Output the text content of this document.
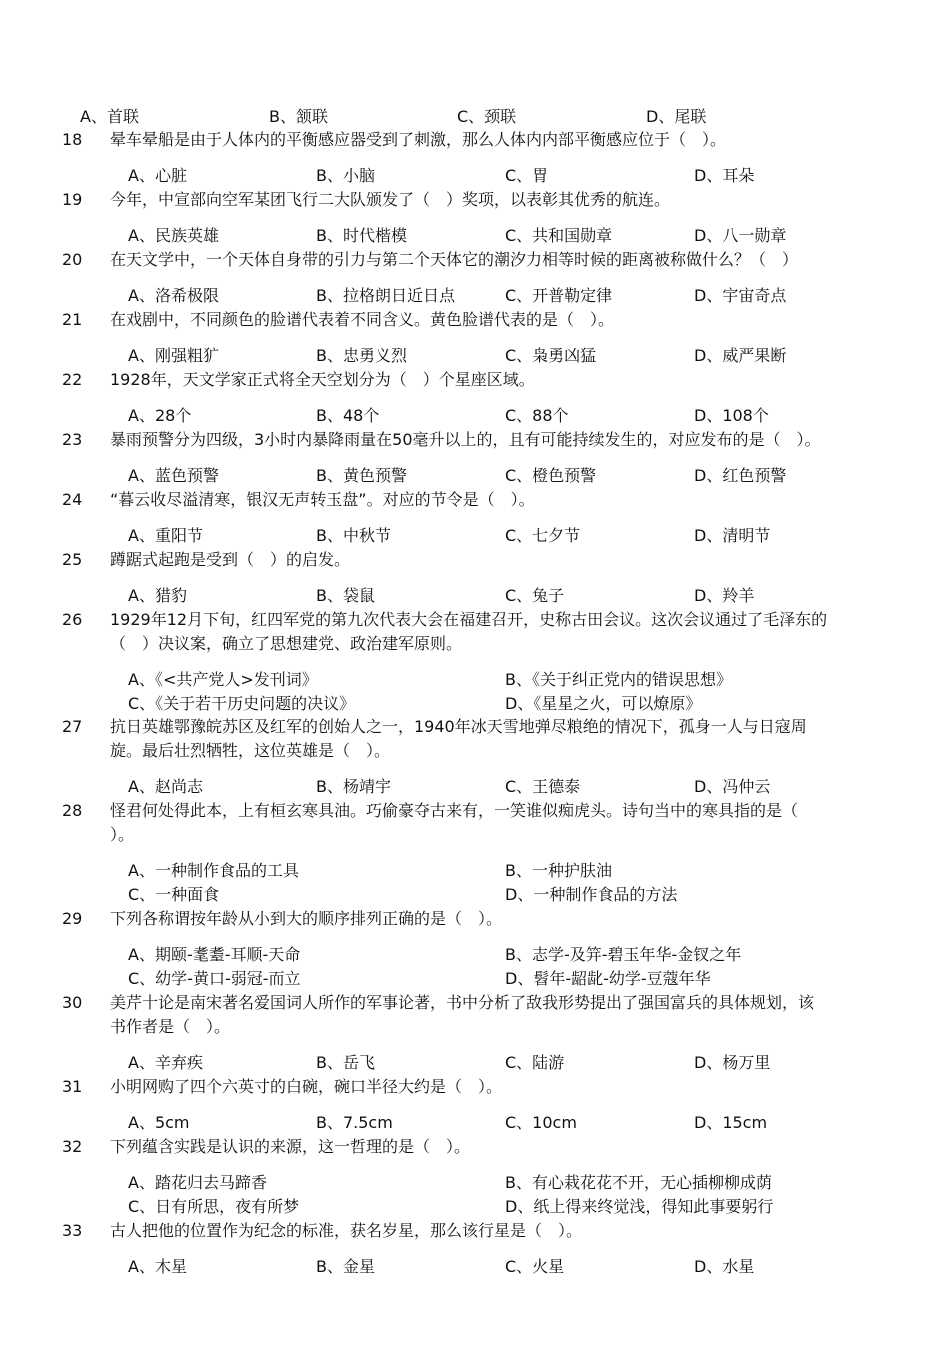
A、首联	B、颔联	C、颈联	D、尾联
18	晕车晕船是由于人体内的平衡感应器受到了刺激，那么人体内内部平衡感应位于（　）。
A、心脏	B、小脑	C、胃	D、耳朵
19	今年，中宣部向空军某团飞行二大队颁发了（　）奖项，以表彰其优秀的航连。
A、民族英雄	B、时代楷模	C、共和国勋章	D、八一勋章
20	在天文学中，一个天体自身带的引力与第二个天体它的潮汐力相等时候的距离被称做什么？（　）
A、洛希极限	B、拉格朗日近日点	C、开普勒定律	D、宇宙奇点
21	在戏剧中，不同颜色的脸谱代表着不同含义。黄色脸谱代表的是（　）。
A、刚强粗犷	B、忠勇义烈	C、枭勇凶猛	D、威严果断
22	1928年，天文学家正式将全天空划分为（　）个星座区域。
A、28个	B、48个	C、88个	D、108个
23	暴雨预警分为四级，3小时内暴降雨量在50毫升以上的，且有可能持续发生的，对应发布的是（　）。
A、蓝色预警	B、黄色预警	C、橙色预警	D、红色预警
24	“暮云收尽溢清寒，银汉无声转玉盘”。对应的节令是（　）。
A、重阳节	B、中秋节	C、七夕节	D、清明节
25	蹲踞式起跑是受到（　）的启发。
A、猎豹	B、袋鼠	C、兔子	D、羚羊
26	1929年12月下旬，红四军党的第九次代表大会在福建召开，史称古田会议。这次会议通过了毛泽东的
（　）决议案，确立了思想建党、政治建军原则。
A、《<共产党人>发刊词》	B、《关于纠正党内的错误思想》
C、《关于若干历史问题的决议》	D、《星星之火，可以燎原》
27	抗日英雄鄂豫皖苏区及红军的创始人之一，1940年冰天雪地弹尽粮绝的情况下，孤身一人与日寇周
旋。最后壮烈牺牲，这位英雄是（　）。
A、赵尚志	B、杨靖宇	C、王德泰	D、冯仲云
28	怪君何处得此本，上有桓玄寒具油。巧偷豪夺古来有，一笑谁似痴虎头。诗句当中的寒具指的是（
）。
A、一种制作食品的工具	B、一种护肤油
C、一种面食	D、一种制作食品的方法
29	下列各称谓按年龄从小到大的顺序排列正确的是（　）。
A、期颐-耄耋-耳顺-天命	B、志学-及笄-碧玉年华-金钗之年
C、幼学-黄口-弱冠-而立	D、髫年-龆龀-幼学-豆蔻年华
30	美芹十论是南宋著名爱国词人所作的军事论著，书中分析了敌我形势提出了强国富兵的具体规划，该
书作者是（　）。
A、辛弃疾	B、岳飞	C、陆游	D、杨万里
31	小明网购了四个六英寸的白碗，碗口半径大约是（　）。
A、5cm	B、7.5cm	C、10cm	D、15cm
32	下列蕴含实践是认识的来源，这一哲理的是（　）。
A、踏花归去马蹄香	B、有心栽花花不开，无心插柳柳成荫
C、日有所思，夜有所梦	D、纸上得来终觉浅，得知此事要躬行
33	古人把他的位置作为纪念的标准，获名岁星，那么该行星是（　）。
A、木星	B、金星	C、火星	D、水星
